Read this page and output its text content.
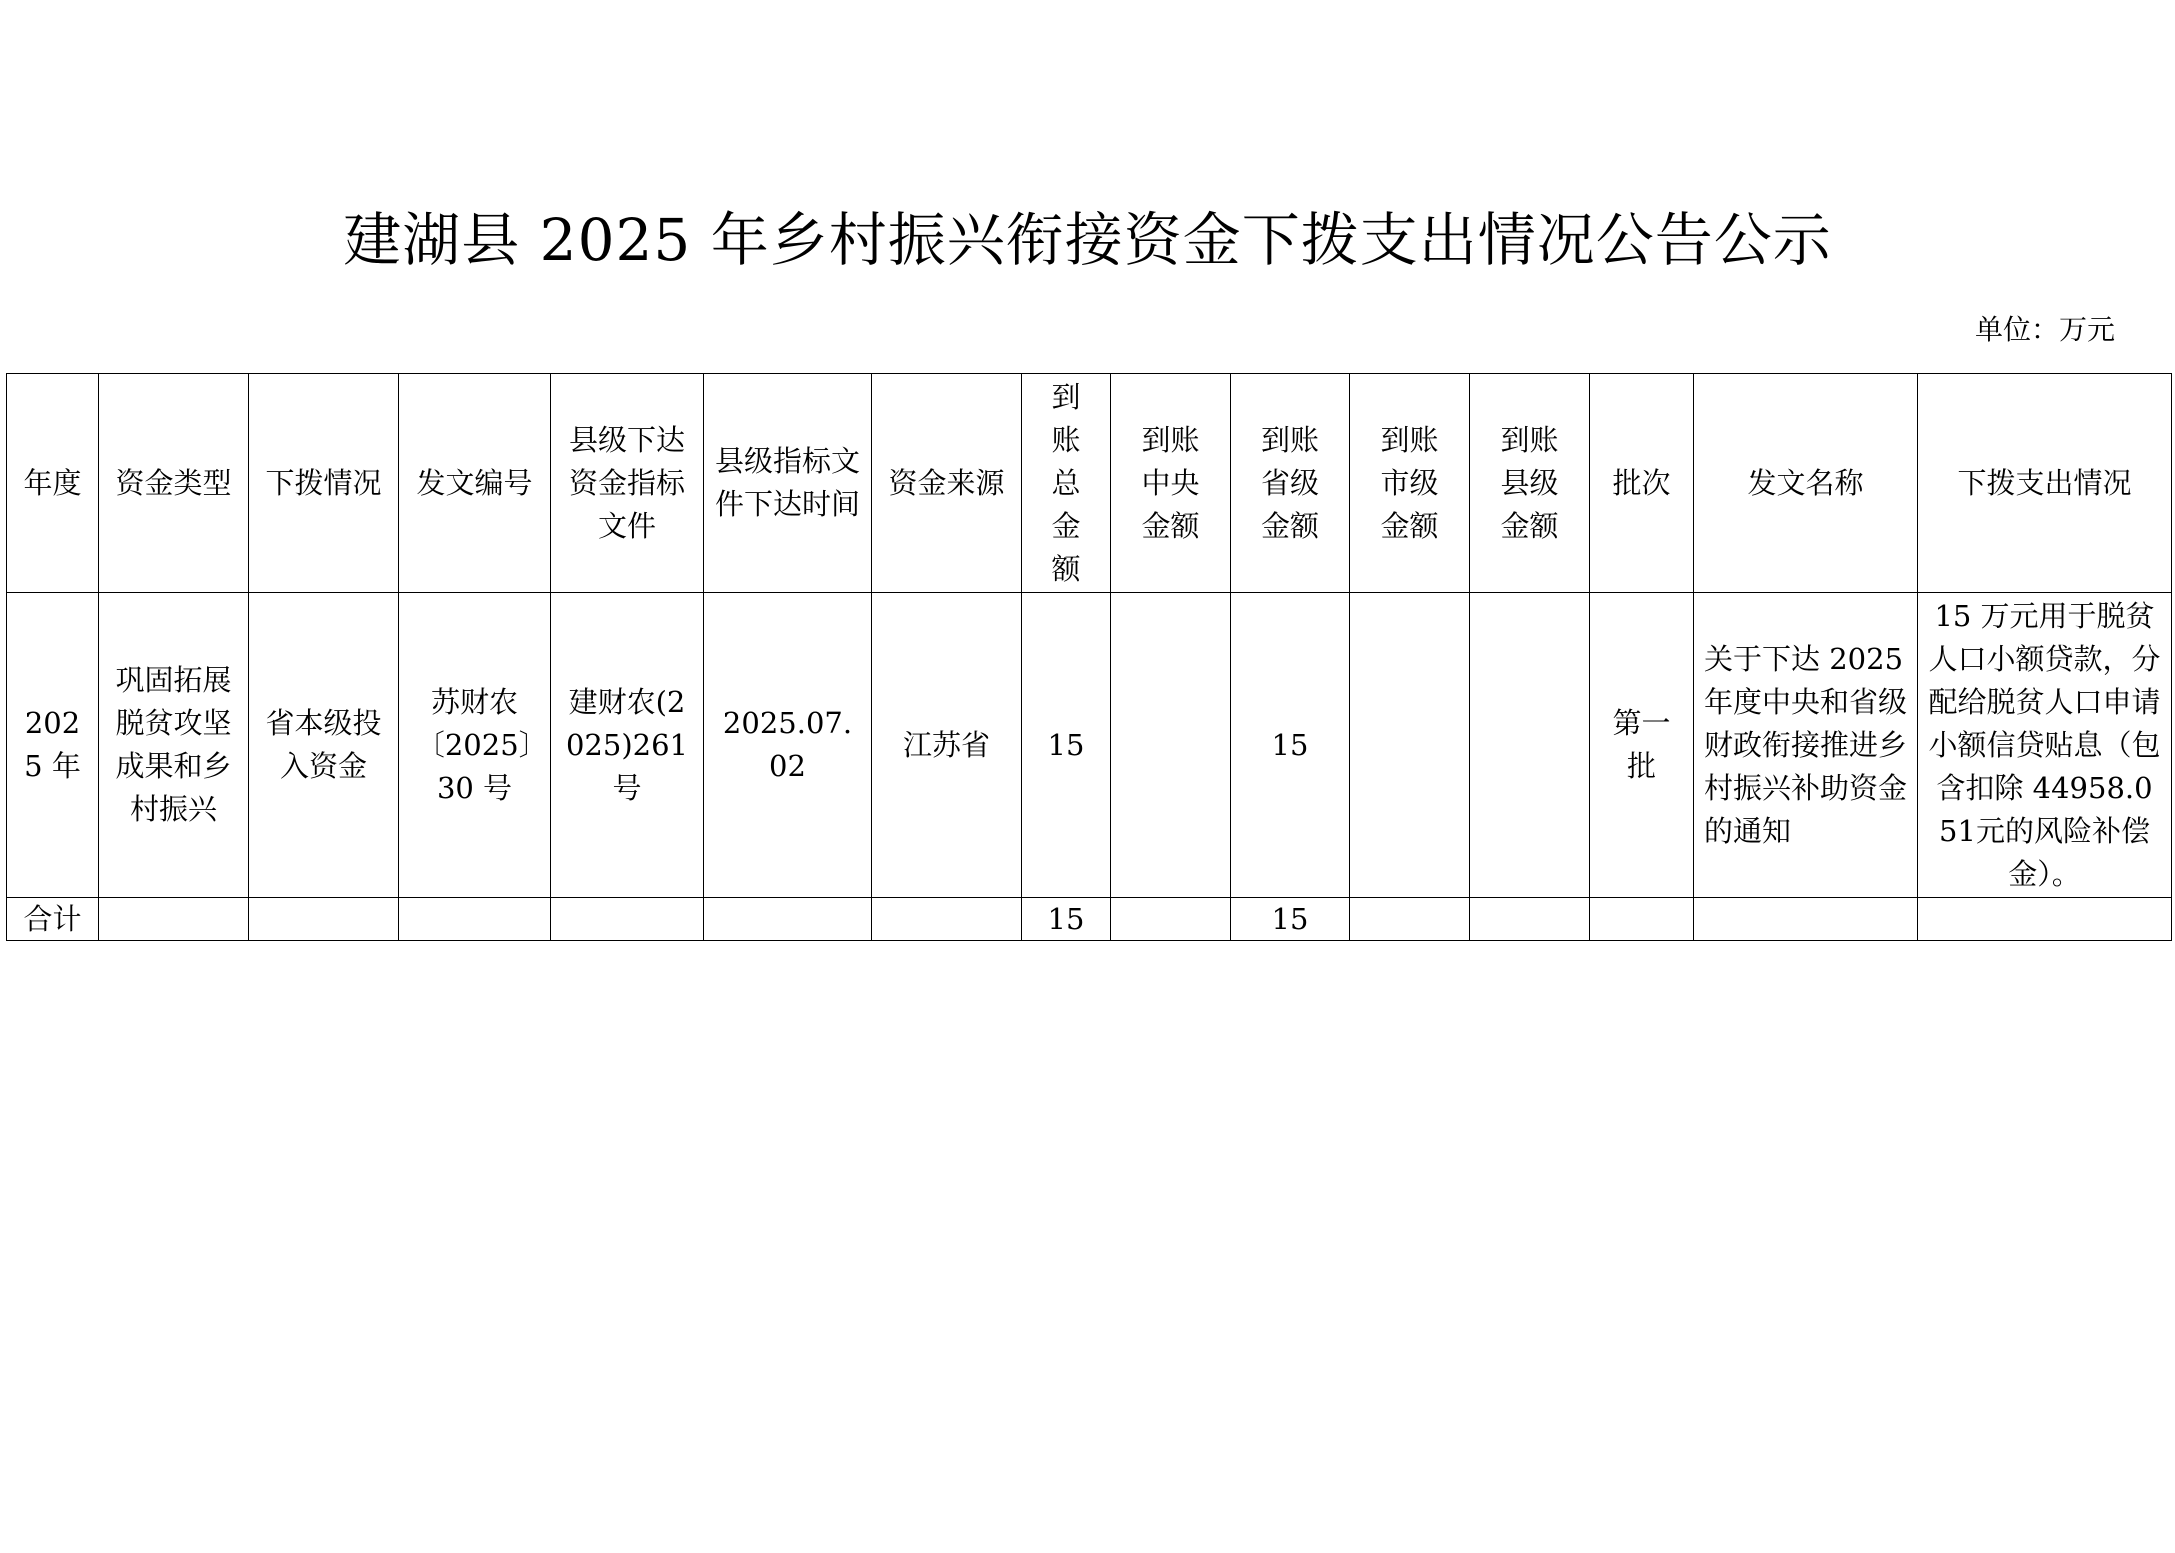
建湖县 2025 年乡村振兴衔接资金下拨支出情况公告公示
单位：万元
年度	资金类型	下拨情况	发文编号	县级下达资金指标文件	县级指标文件下达时间	资金来源	到账总金额	到账中央金额	到账省级金额	到账市级金额	到账县级金额	批次	发文名称	下拨支出情况
2025 年	巩固拓展脱贫攻坚成果和乡村振兴	省本级投入资金	苏财农〔2025〕30 号	建财农(2025)261 号	2025.07.02	江苏省	15		15			第一批	关于下达 2025 年度中央和省级财政衔接推进乡村振兴补助资金的通知	15 万元用于脱贫人口小额贷款，分配给脱贫人口申请小额信贷贴息（包含扣除 44958.051元的风险补偿金）。
合计							15		15					
